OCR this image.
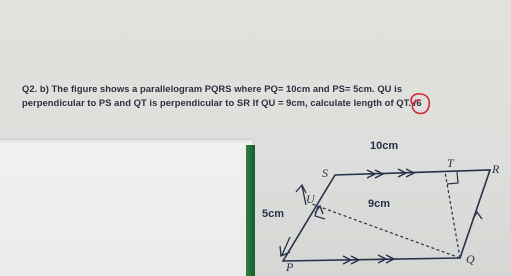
Q2. b) The figure shows a parallelogram PQRS where PQ= 10cm and PS= 5cm. QU is
perpendicular to PS and QT is perpendicular to SR If QU = 9cm, calculate length of QT. /6
10cm
5cm
9cm
S
T	R
U
P
Q
